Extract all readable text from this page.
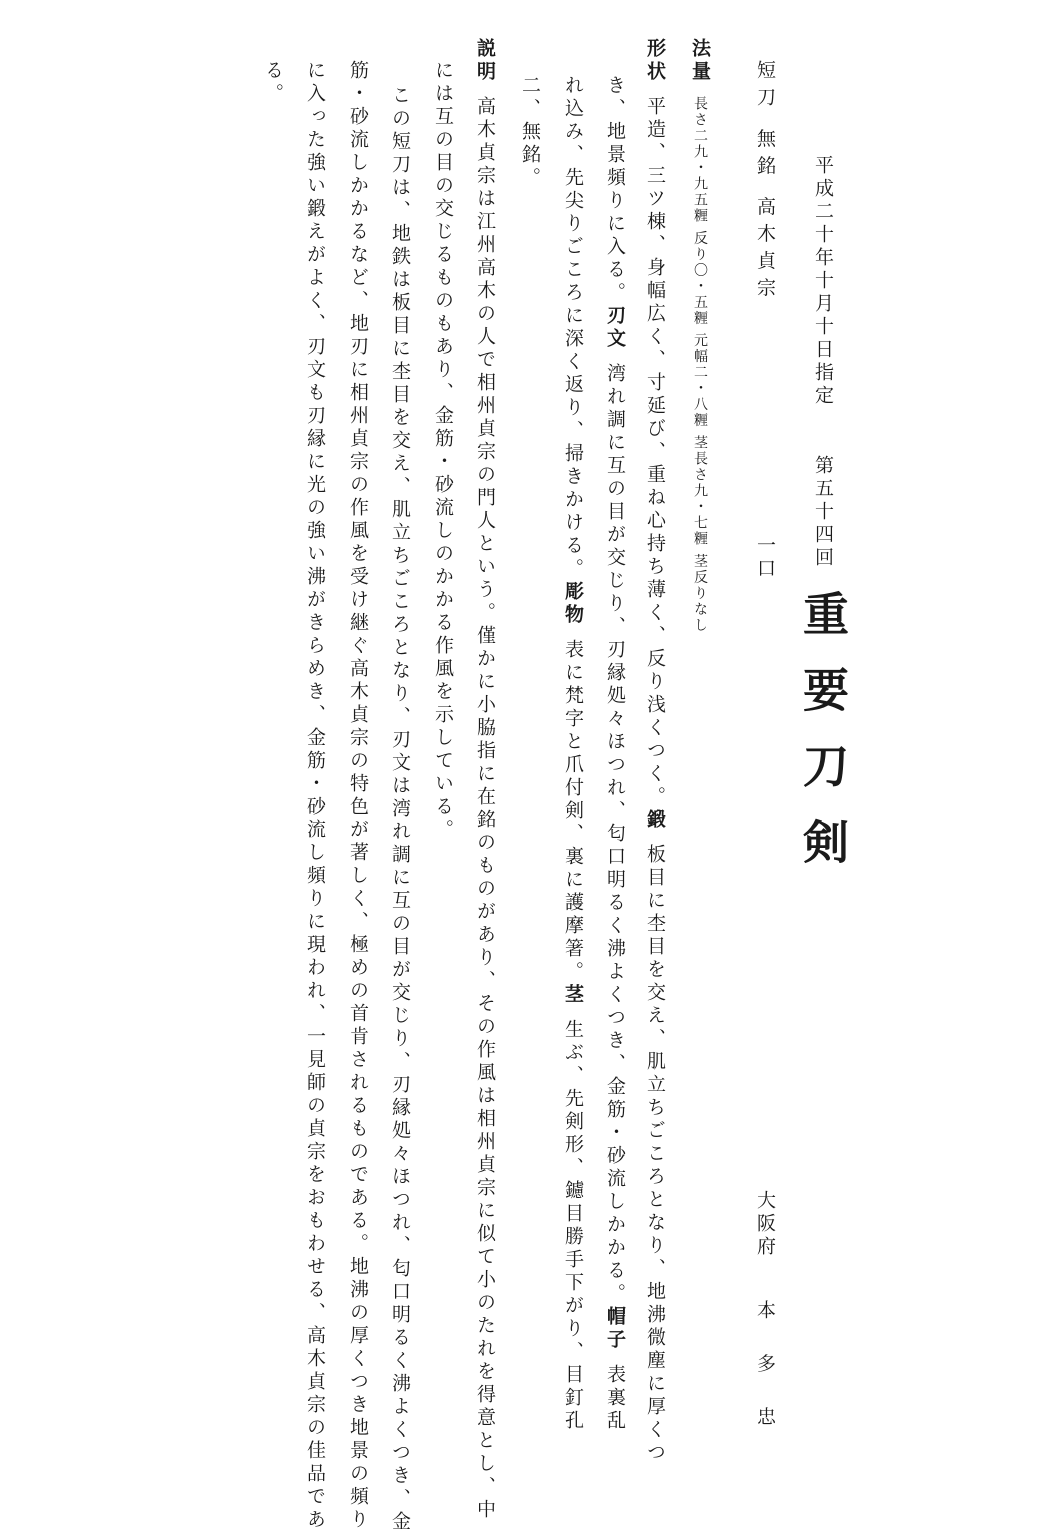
平成二十年十月十日指定
第五十四回
重要刀剣
短刀 無銘 高木貞宗
一口
大阪府
本 多 忠
法量長さ二九・九五糎 反り〇・五糎 元幅二・八糎 茎長さ九・七糎 茎反りなし
形状平造、三ツ棟、身幅広く、寸延び、重ね心持ち薄く、反り浅くつく。鍛板目に杢目を交え、肌立ちごころとなり、地沸微塵に厚くつ
き、地景頻りに入る。刃文湾れ調に互の目が交じり、刃縁処々ほつれ、匂口明るく沸よくつき、金筋・砂流しかかる。帽子表裏乱
れ込み、先尖りごころに深く返り、掃きかける。彫物表に梵字と爪付剣、裏に護摩箸。茎生ぶ、先剣形、鑢目勝手下がり、目釘孔
二、無銘。
説明高木貞宗は江州高木の人で相州貞宗の門人という。僅かに小脇指に在銘のものがあり、その作風は相州貞宗に似て小のたれを得意とし、中
には互の目の交じるものもあり、金筋・砂流しのかかる作風を示している。
この短刀は、地鉄は板目に杢目を交え、肌立ちごころとなり、刃文は湾れ調に互の目が交じり、刃縁処々ほつれ、匂口明るく沸よくつき、金
筋・砂流しかかるなど、地刃に相州貞宗の作風を受け継ぐ高木貞宗の特色が著しく、極めの首肯されるものである。地沸の厚くつき地景の頻り
に入った強い鍛えがよく、刃文も刃縁に光の強い沸がきらめき、金筋・砂流し頻りに現われ、一見師の貞宗をおもわせる、高木貞宗の佳品であ
る。
